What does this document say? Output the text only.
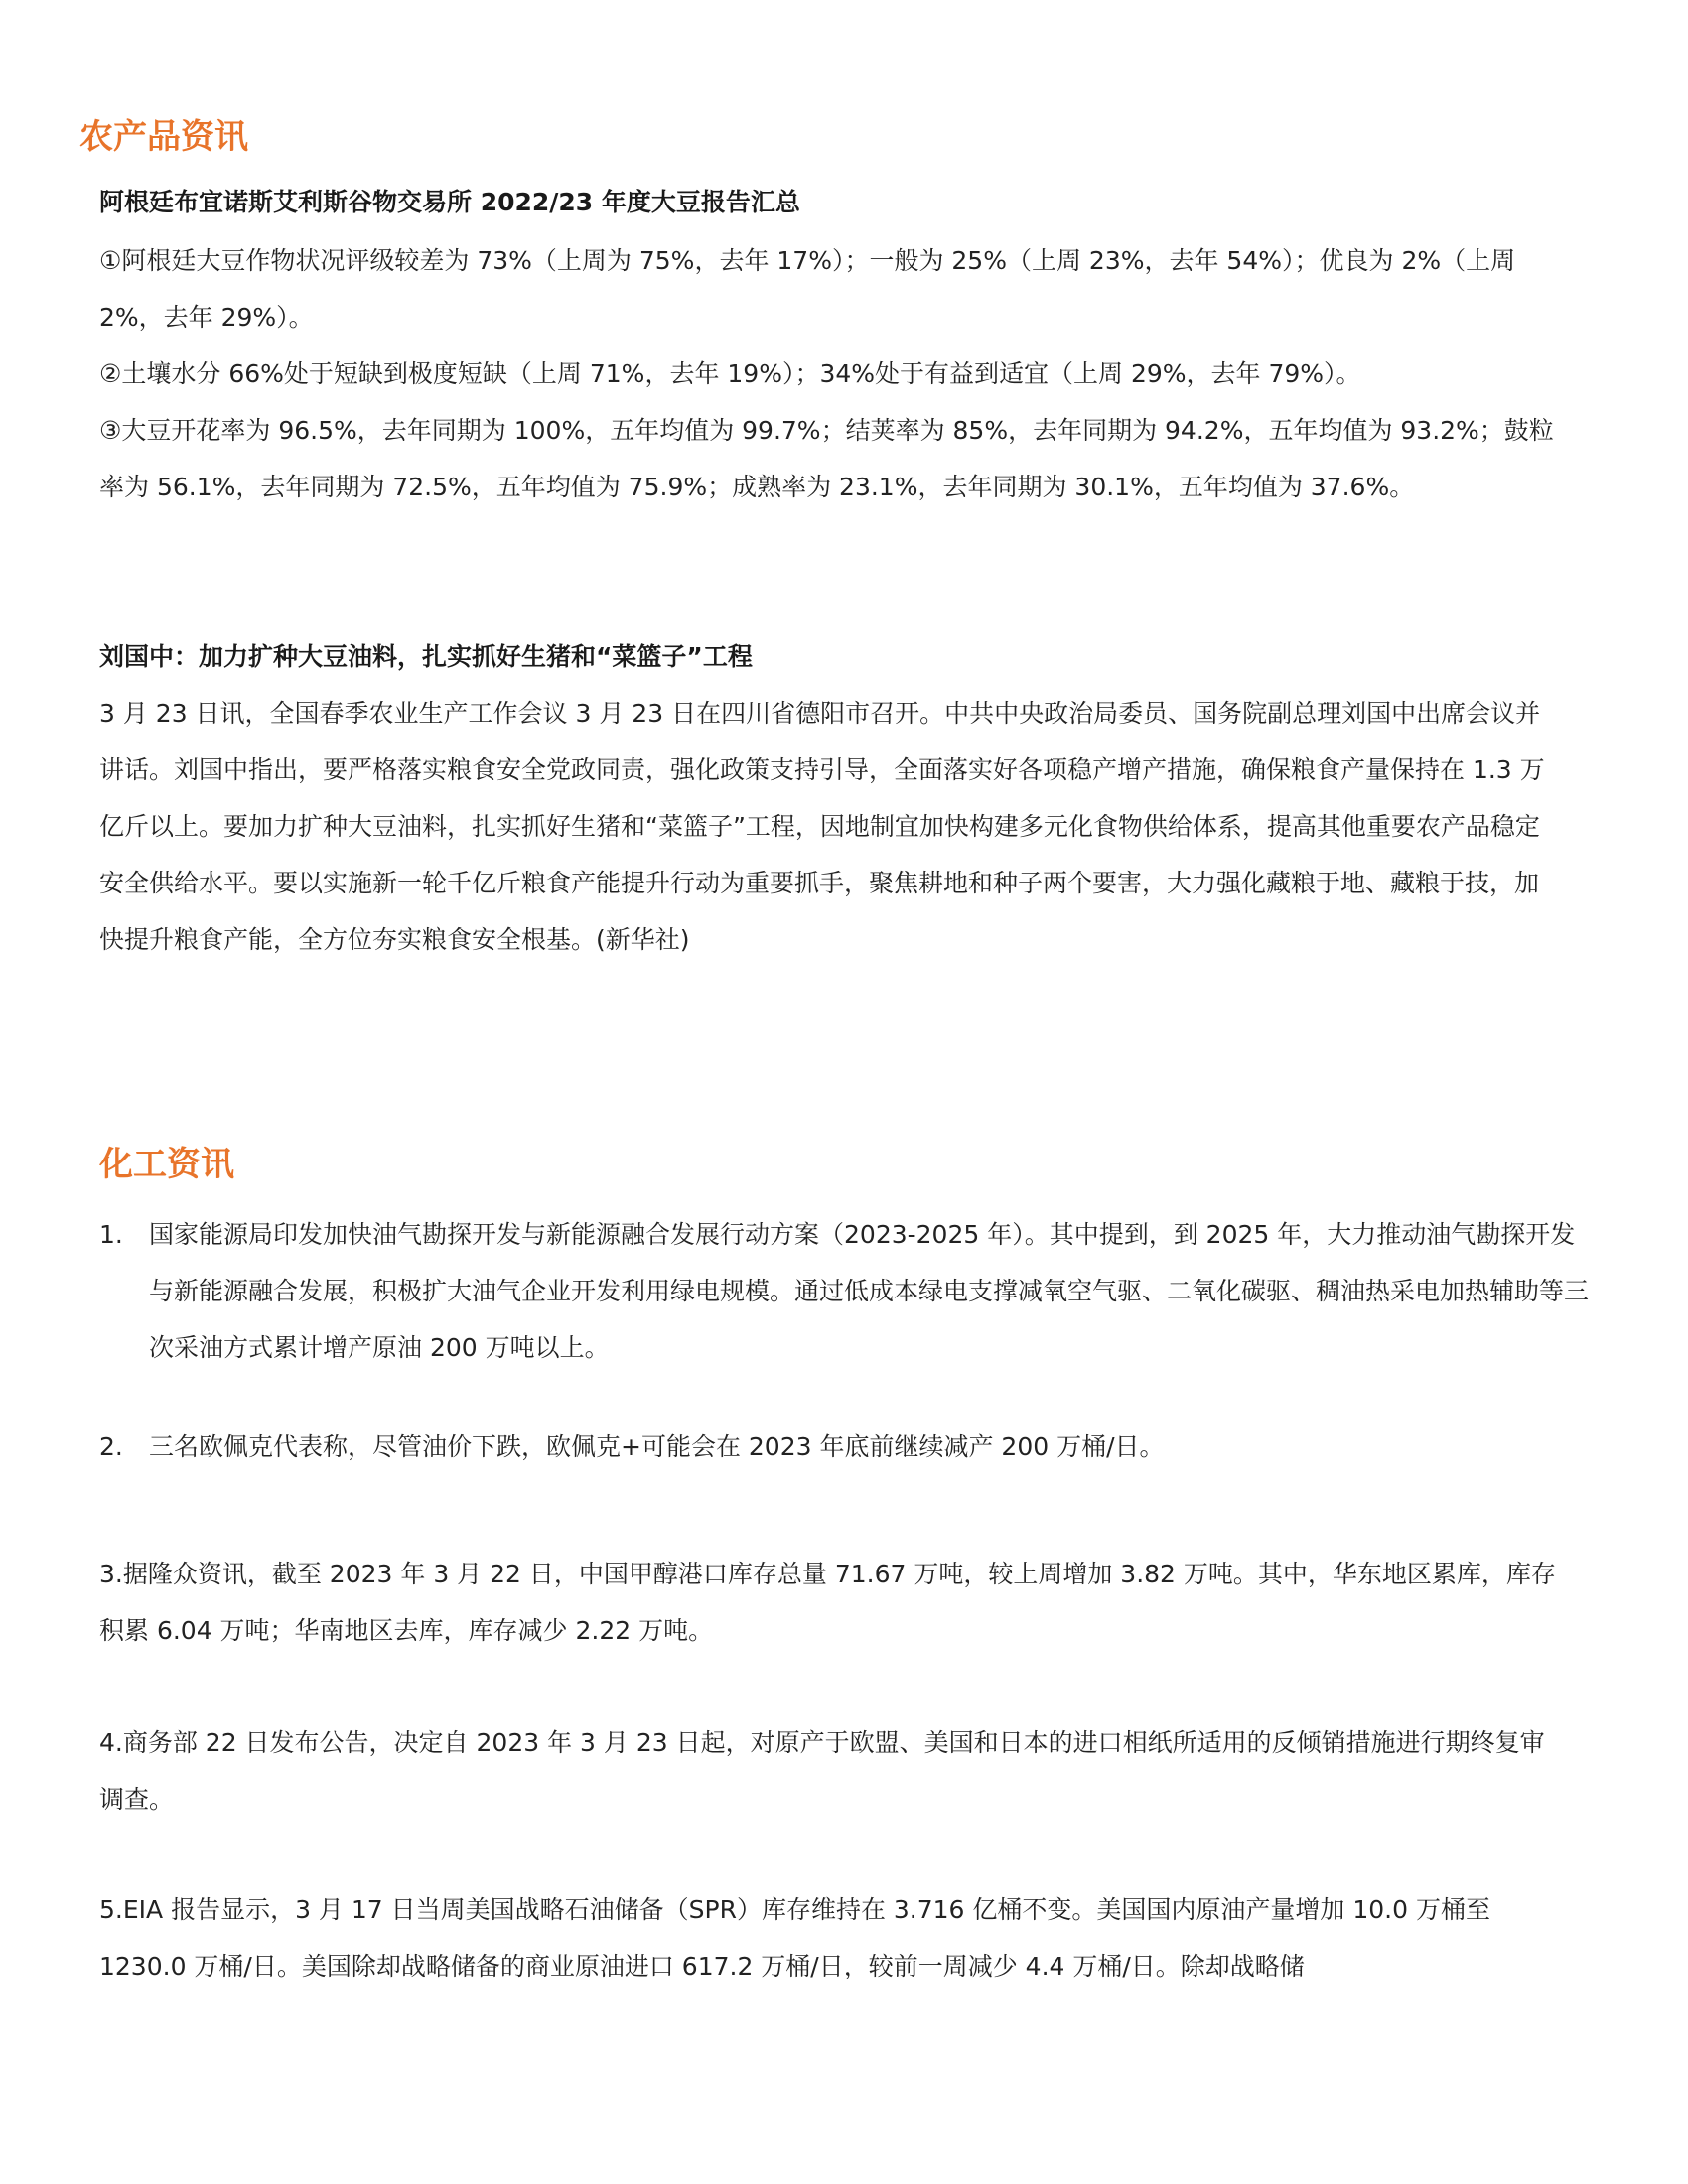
农产品资讯
阿根廷布宜诺斯艾利斯谷物交易所 2022/23 年度大豆报告汇总

①阿根廷大豆作物状况评级较差为 73%（上周为 75%，去年 17%）；一般为 25%（上周 23%，去年 54%）；优良为 2%（上周 2%，去年 29%）。

②土壤水分 66%处于短缺到极度短缺（上周 71%，去年 19%）；34%处于有益到适宜（上周 29%，去年 79%）。

③大豆开花率为 96.5%，去年同期为 100%，五年均值为 99.7%；结荚率为 85%，去年同期为 94.2%，五年均值为 93.2%；鼓粒率为 56.1%，去年同期为 72.5%，五年均值为 75.9%；成熟率为 23.1%，去年同期为 30.1%，五年均值为 37.6%。

刘国中：加力扩种大豆油料，扎实抓好生猪和“菜篮子”工程

3 月 23 日讯，全国春季农业生产工作会议 3 月 23 日在四川省德阳市召开。中共中央政治局委员、国务院副总理刘国中出席会议并讲话。刘国中指出，要严格落实粮食安全党政同责，强化政策支持引导，全面落实好各项稳产增产措施，确保粮食产量保持在 1.3 万亿斤以上。要加力扩种大豆油料，扎实抓好生猪和“菜篮子”工程，因地制宜加快构建多元化食物供给体系，提高其他重要农产品稳定安全供给水平。要以实施新一轮千亿斤粮食产能提升行动为重要抓手，聚焦耕地和种子两个要害，大力强化藏粮于地、藏粮于技，加快提升粮食产能，全方位夯实粮食安全根基。(新华社)

化工资讯
1. 国家能源局印发加快油气勘探开发与新能源融合发展行动方案（2023-2025 年）。其中提到，到 2025 年，大力推动油气勘探开发与新能源融合发展，积极扩大油气企业开发利用绿电规模。通过低成本绿电支撑减氧空气驱、二氧化碳驱、稠油热采电加热辅助等三次采油方式累计增产原油 200 万吨以上。
2. 三名欧佩克代表称，尽管油价下跌，欧佩克+可能会在 2023 年底前继续减产 200 万桶/日。

3.据隆众资讯，截至 2023 年 3 月 22 日，中国甲醇港口库存总量 71.67 万吨，较上周增加 3.82 万吨。其中，华东地区累库，库存积累 6.04 万吨；华南地区去库，库存减少 2.22 万吨。

4.商务部 22 日发布公告，决定自 2023 年 3 月 23 日起，对原产于欧盟、美国和日本的进口相纸所适用的反倾销措施进行期终复审调查。

5.EIA 报告显示，3 月 17 日当周美国战略石油储备（SPR）库存维持在 3.716 亿桶不变。美国国内原油产量增加 10.0 万桶至 1230.0 万桶/日。美国除却战略储备的商业原油进口 617.2 万桶/日，较前一周减少 4.4 万桶/日。除却战略储
